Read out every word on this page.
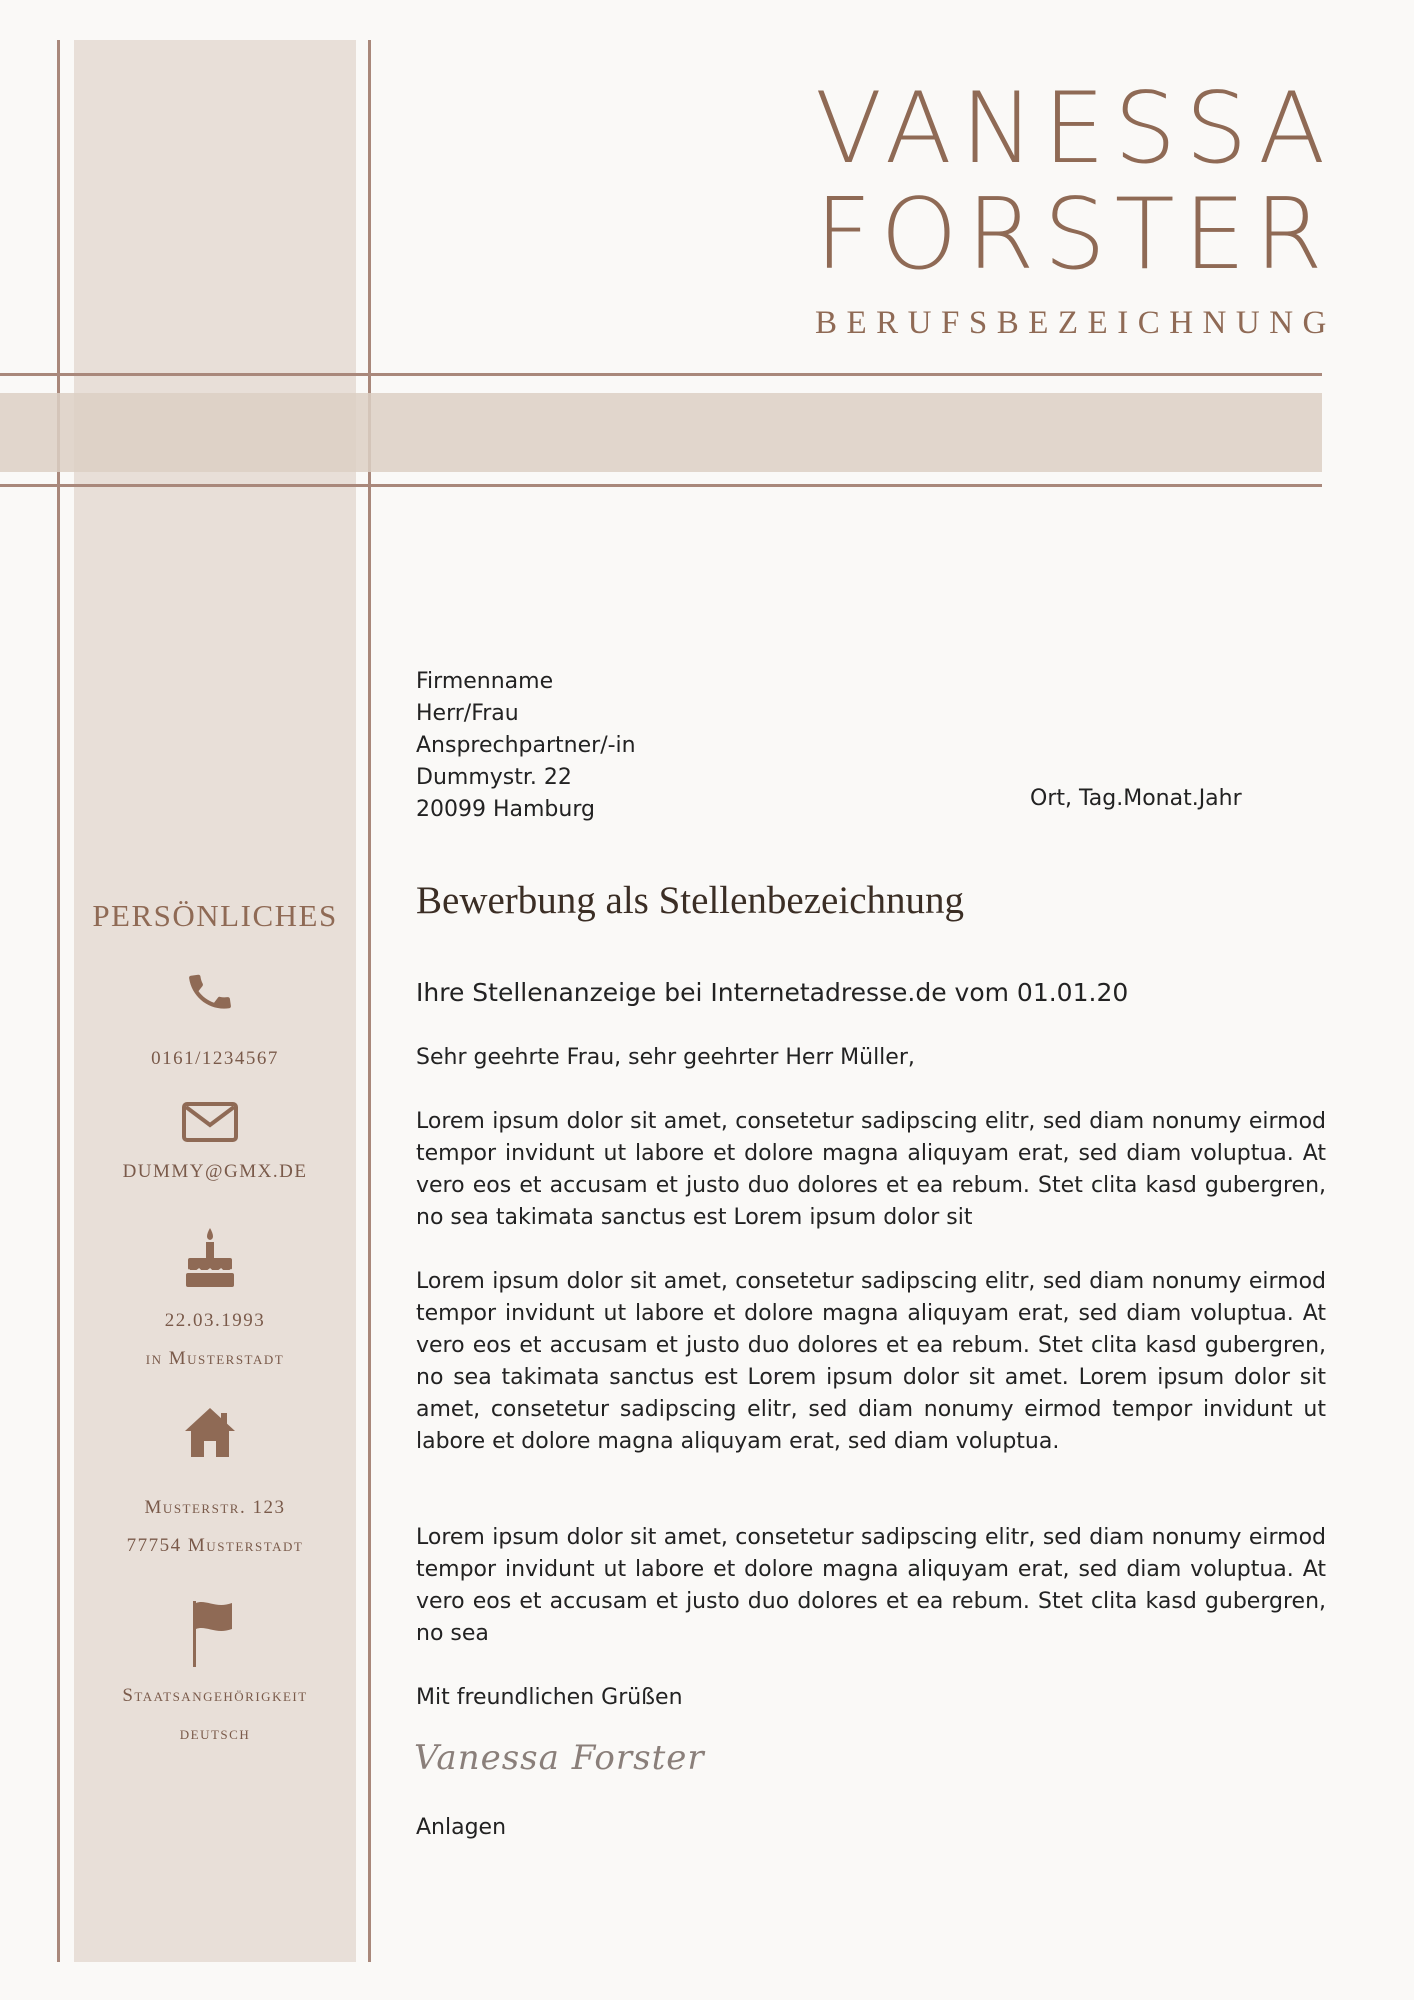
VANESSA
FORSTER
BERUFSBEZEICHNUNG
PERSÖNLICHES
0161/1234567
DUMMY@GMX.DE
22.03.1993
in Musterstadt
Musterstr. 123
77754 Musterstadt
Staatsangehörigkeit
deutsch
Firmenname
Herr/Frau
Ansprechpartner/-in
Dummystr. 22
20099 Hamburg	Ort, Tag.Monat.Jahr
Bewerbung als Stellenbezeichnung
Ihre Stellenanzeige bei Internetadresse.de vom 01.01.20
Sehr geehrte Frau, sehr geehrter Herr Müller,
Lorem ipsum dolor sit amet, consetetur sadipscing elitr, sed diam nonumy eirmod tempor invidunt ut labore et dolore magna aliquyam erat, sed diam voluptua. At vero eos et accusam et justo duo dolores et ea rebum. Stet clita kasd gubergren, no sea takimata sanctus est Lorem ipsum dolor sit
Lorem ipsum dolor sit amet, consetetur sadipscing elitr, sed diam nonumy eirmod tempor invidunt ut labore et dolore magna aliquyam erat, sed diam voluptua. At vero eos et accusam et justo duo dolores et ea rebum. Stet clita kasd gubergren, no sea takimata sanctus est Lorem ipsum dolor sit amet. Lorem ipsum dolor sit amet, consetetur sadipscing elitr, sed diam nonumy eirmod tempor invidunt ut labore et dolore magna aliquyam erat, sed diam voluptua.
Lorem ipsum dolor sit amet, consetetur sadipscing elitr, sed diam nonumy eirmod tempor invidunt ut labore et dolore magna aliquyam erat, sed diam voluptua. At vero eos et accusam et justo duo dolores et ea rebum. Stet clita kasd gubergren, no sea
Mit freundlichen Grüßen
Vanessa Forster
Anlagen
